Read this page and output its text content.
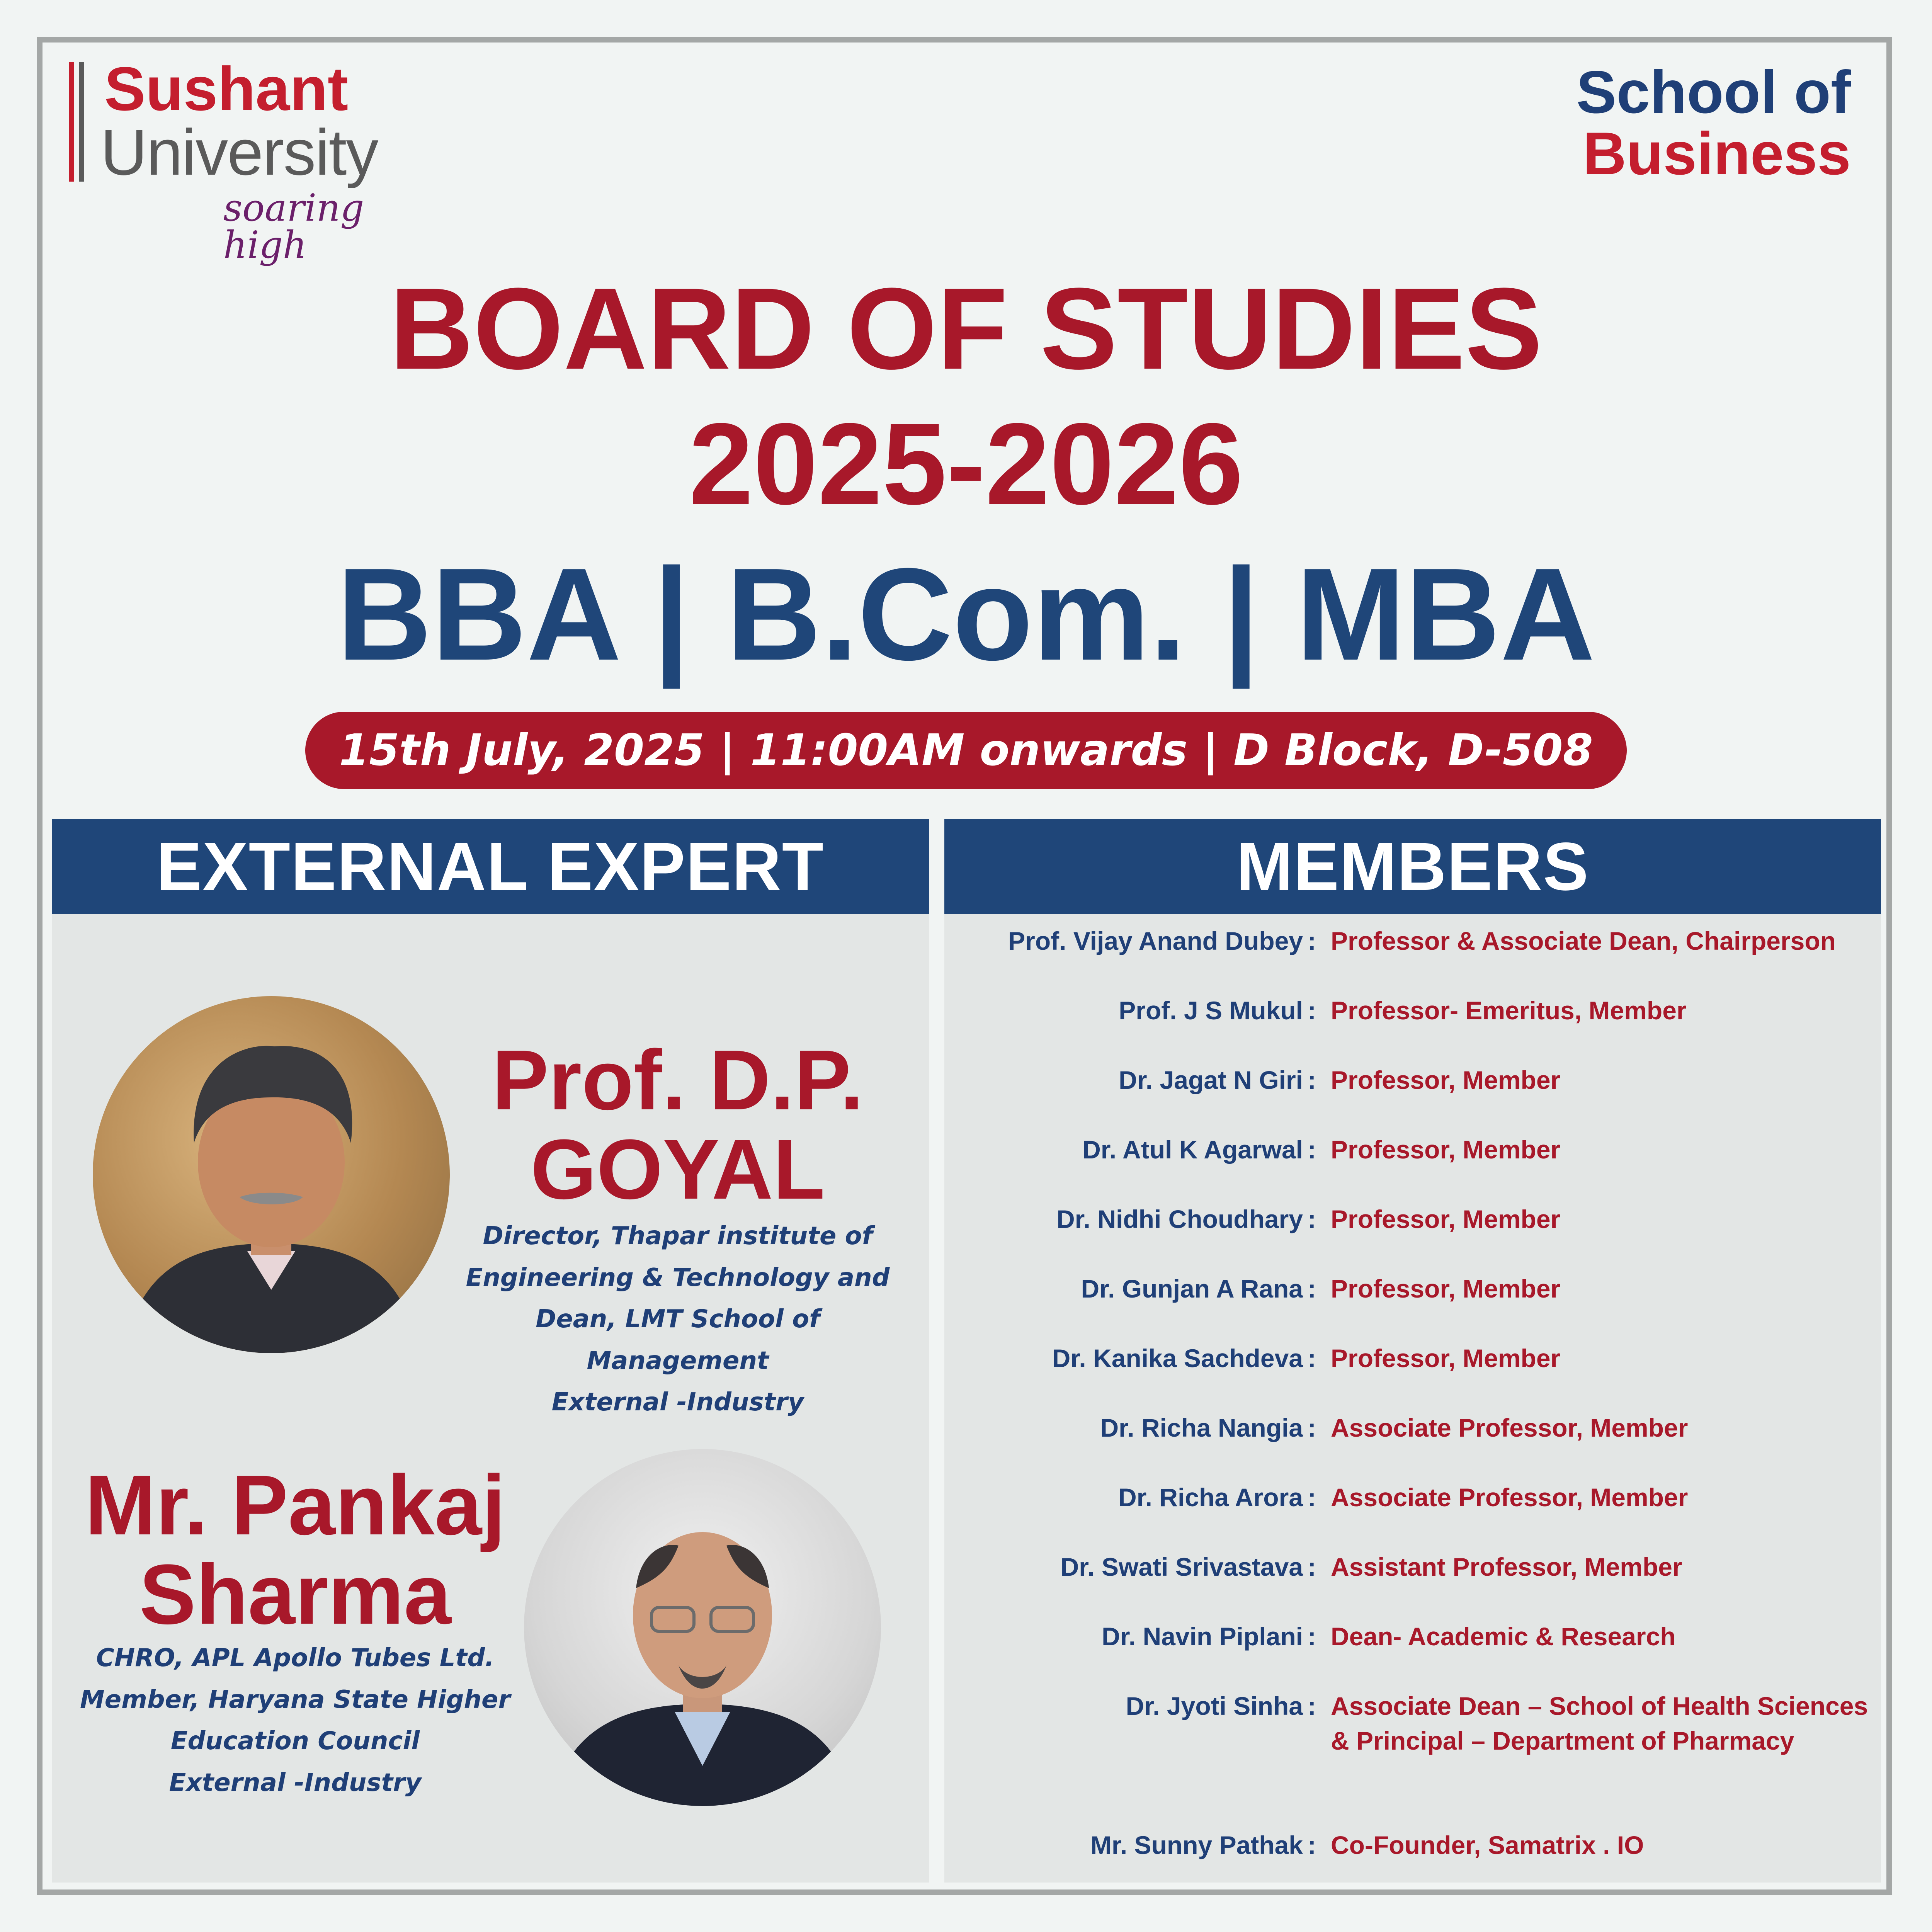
Sushant
University
soaring high
School of
Business
BOARD OF STUDIES
2025-2026
BBA | B.Com. | MBA
15th July, 2025 | 11:00AM onwards | D Block, D-508
EXTERNAL EXPERT
Prof. D.P.
GOYAL
Director, Thapar institute of
Engineering & Technology and
Dean, LMT School of Management
External -Industry
Mr. Pankaj
Sharma
CHRO, APL Apollo Tubes Ltd.
Member, Haryana State Higher
Education Council
External -Industry
MEMBERS
Prof. Vijay Anand Dubey : Professor & Associate Dean, Chairperson
Prof. J S Mukul : Professor- Emeritus, Member
Dr. Jagat N Giri : Professor, Member
Dr. Atul K Agarwal : Professor, Member
Dr. Nidhi Choudhary : Professor, Member
Dr. Gunjan A Rana : Professor, Member
Dr. Kanika Sachdeva : Professor, Member
Dr. Richa Nangia : Associate Professor, Member
Dr. Richa Arora : Associate Professor, Member
Dr. Swati Srivastava : Assistant Professor, Member
Dr. Navin Piplani : Dean- Academic & Research
Dr. Jyoti Sinha : Associate Dean – School of Health Sciences & Principal – Department of Pharmacy
Mr. Sunny Pathak : Co-Founder, Samatrix . IO
